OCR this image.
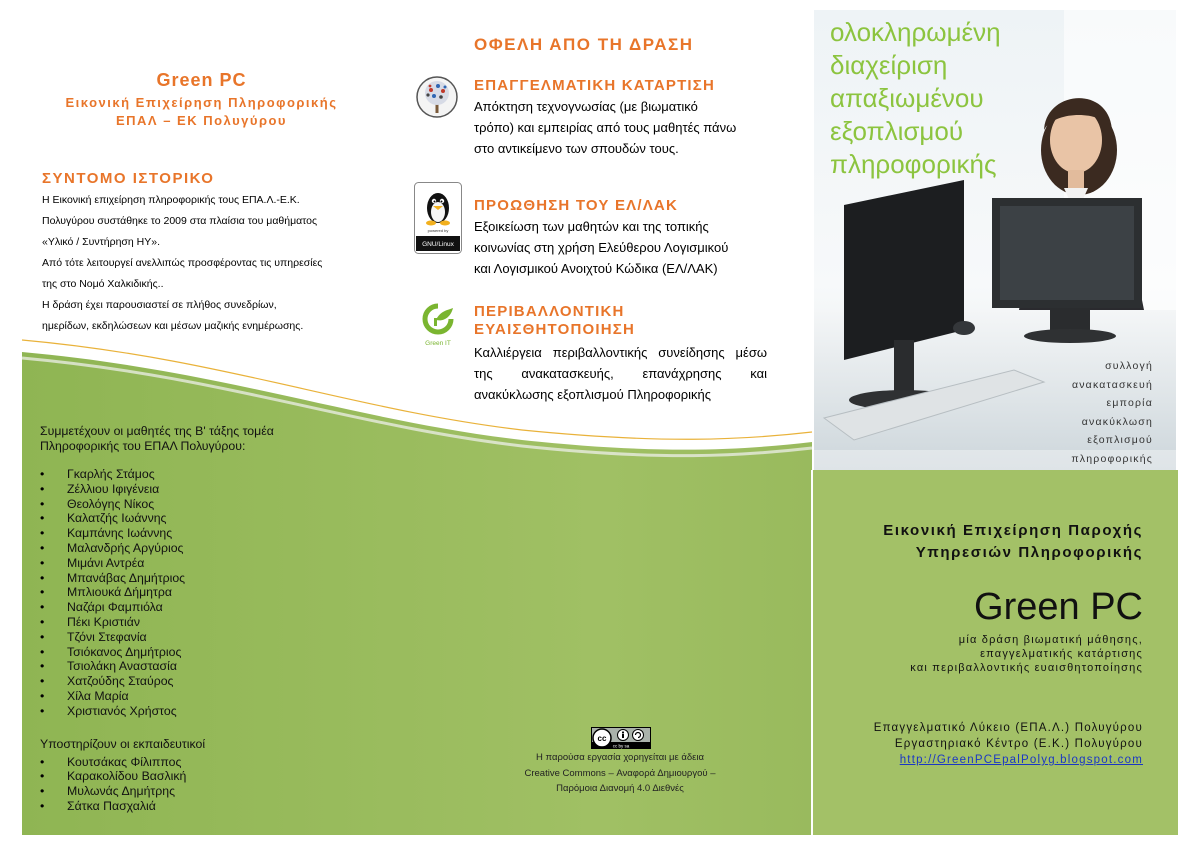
Green PC
Εικονική Επιχείρηση Πληροφορικής
ΕΠΑΛ – ΕΚ Πολυγύρου
ΣΥΝΤΟΜΟ ΙΣΤΟΡΙΚΟ

Η Εικονική επιχείρηση πληροφορικής τους ΕΠΑ.Λ.-Ε.Κ.

Πολυγύρου συστάθηκε το 2009 στα πλαίσια του μαθήματος

«Υλικό / Συντήρηση ΗΥ».

Από τότε λειτουργεί ανελλιπώς προσφέροντας τις υπηρεσίες

της στο Νομό Χαλκιδικής..

Η δράση έχει παρουσιαστεί σε πλήθος συνεδρίων,

ημερίδων, εκδηλώσεων και μέσων μαζικής ενημέρωσης.

Συμμετέχουν οι μαθητές της Β' τάξης τομέα
Πληροφορικής του ΕΠΑΛ Πολυγύρου:
• Γκαρλής Στάμος
• Ζέλλιου Ιφιγένεια
• Θεολόγης Νίκος
• Καλατζής Ιωάννης
• Καμπάνης Ιωάννης
• Μαλανδρής Αργύριος
• Μιμάνι Αντρέα
• Μπανάβας Δημήτριος
• Μπλιουκά Δήμητρα
• Ναζάρι Φαμπιόλα
• Πέκι Κριστιάν
• Τζόνι Στεφανία
• Τσιόκανος Δημήτριος
• Τσιολάκη Αναστασία
• Χατζούδης Σταύρος
• Χίλα Μαρία
• Χριστιανός Χρήστος
Υποστηρίζουν οι εκπαιδευτικοί
• Κουτσάκας Φίλιππος
• Καρακολίδου Βασλική
• Μυλωνάς Δημήτρης
• Σάτκα Πασχαλιά
ΟΦΕΛΗ ΑΠΟ ΤΗ ΔΡΑΣΗ
ΕΠΑΓΓΕΛΜΑΤΙΚΗ ΚΑΤΑΡΤΙΣΗ
Απόκτηση τεχνογνωσίας (με βιωματικό
τρόπο) και εμπειρίας από τους μαθητές πάνω
στο αντικείμενο των σπουδών τους.
powered by
GNU/Linux
ΠΡΟΩΘΗΣΗ ΤΟΥ ΕΛ/ΛΑΚ
Εξοικείωση των μαθητών και της τοπικής
κοινωνίας στη χρήση Ελεύθερου Λογισμικού
και Λογισμικού Ανοιχτού Κώδικα (ΕΛ/ΛΑΚ)
Green IT
ΠΕΡΙΒΑΛΛΟΝΤΙΚΗ
ΕΥΑΙΣΘΗΤΟΠΟΙΗΣΗ
Καλλιέργεια περιβαλλοντικής συνείδησης μέσω της ανακατασκευής, επανάχρησης και ανακύκλωσης εξοπλισμού Πληροφορικής
cc
cc by sa
Η παρούσα εργασία χορηγείται με άδεια
Creative Commons – Αναφορά Δημιουργού –
Παρόμοια Διανομή 4.0 Διεθνές
ολοκληρωμένη
διαχείριση
απαξιωμένου
εξοπλισμού
πληροφορικής
συλλογή
ανακατασκευή
εμπορία
ανακύκλωση
εξοπλισμού
πληροφορικής
Εικονική Επιχείρηση Παροχής
Υπηρεσιών Πληροφορικής
Green PC
μία δράση βιωματική μάθησης,
επαγγελματικής κατάρτισης
και περιβαλλοντικής ευαισθητοποίησης
Επαγγελματικό Λύκειο (ΕΠΑ.Λ.) Πολυγύρου
Εργαστηριακό Κέντρο (Ε.Κ.) Πολυγύρου
http://GreenPCEpalPolyg.blogspot.com
